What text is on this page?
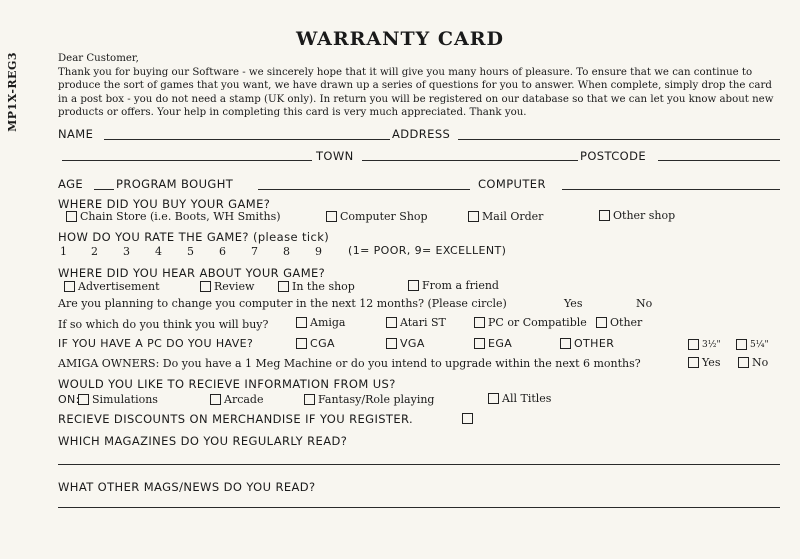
MP1X-REG3
WARRANTY CARD
Dear Customer,
Thank you for buying our Software - we sincerely hope that it will give you many hours of pleasure. To ensure that we can continue to produce the sort of games that you want, we have drawn up a series of questions for you to answer. When complete, simply drop the card in a post box - you do not need a stamp (UK only). In return you will be registered on our database so that we can let you know about new products or offers. Your help in completing this card is very much appreciated. Thank you.
NAME	ADDRESS
TOWN	POSTCODE
AGE	PROGRAM BOUGHT	COMPUTER
WHERE DID YOU BUY YOUR GAME?
Chain Store (i.e. Boots, WH Smiths)	Computer Shop	Mail Order	Other shop
HOW DO YOU RATE THE GAME? (please tick)
1 2 3 4 5 6 7 8 9 (1= POOR, 9= EXCELLENT)
WHERE DID YOU HEAR ABOUT YOUR GAME?
Advertisement	Review	In the shop	From a friend
Are you planning to change you computer in the next 12 months? (Please circle)	Yes	No
If so which do you think you will buy?	Amiga	Atari ST	PC or Compatible Other
IF YOU HAVE A PC DO YOU HAVE?	CGA	VGA	EGA	OTHER	3½"	5¼"
AMIGA OWNERS: Do you have a 1 Meg Machine or do you intend to upgrade within the next 6 months?	Yes	No
WOULD YOU LIKE TO RECIEVE INFORMATION FROM US?
ON: Simulations	Arcade	Fantasy/Role playing	All Titles
RECIEVE DISCOUNTS ON MERCHANDISE IF YOU REGISTER.
WHICH MAGAZINES DO YOU REGULARLY READ?
WHAT OTHER MAGS/NEWS DO YOU READ?
